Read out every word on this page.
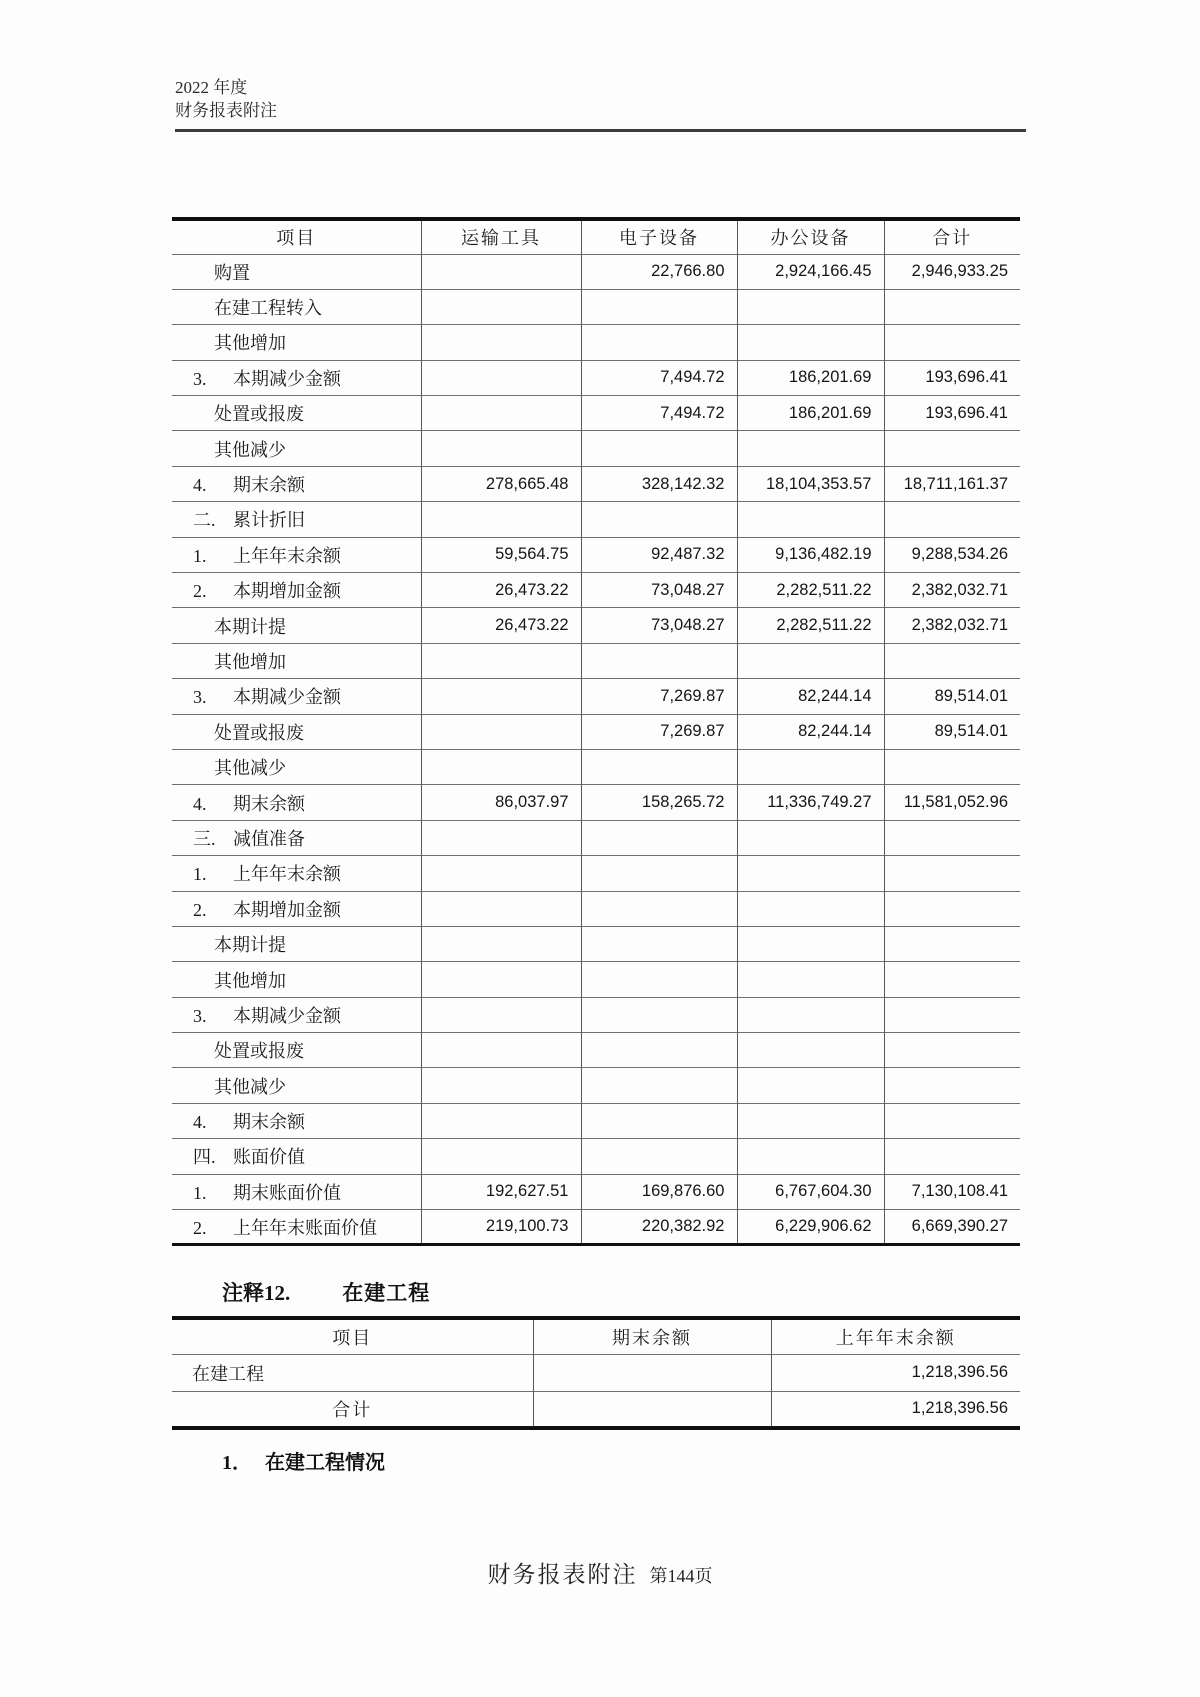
2022 年度
财务报表附注
项目	运输工具	电子设备	办公设备	合计
购置		22,766.80	2,924,166.45	2,946,933.25
在建工程转入				
其他增加				
3. 本期减少金额		7,494.72	186,201.69	193,696.41
处置或报废		7,494.72	186,201.69	193,696.41
其他减少				
4. 期末余额	278,665.48	328,142.32	18,104,353.57	18,711,161.37
二. 累计折旧				
1. 上年年末余额	59,564.75	92,487.32	9,136,482.19	9,288,534.26
2. 本期增加金额	26,473.22	73,048.27	2,282,511.22	2,382,032.71
本期计提	26,473.22	73,048.27	2,282,511.22	2,382,032.71
其他增加				
3. 本期减少金额		7,269.87	82,244.14	89,514.01
处置或报废		7,269.87	82,244.14	89,514.01
其他减少				
4. 期末余额	86,037.97	158,265.72	11,336,749.27	11,581,052.96
三. 减值准备				
1. 上年年末余额				
2. 本期增加金额				
本期计提				
其他增加				
3. 本期减少金额				
处置或报废				
其他减少				
4. 期末余额				
四. 账面价值				
1. 期末账面价值	192,627.51	169,876.60	6,767,604.30	7,130,108.41
2. 上年年末账面价值	219,100.73	220,382.92	6,229,906.62	6,669,390.27
注释12. 在建工程
项目	期末余额	上年年末余额
在建工程		1,218,396.56
合计		1,218,396.56
1． 在建工程情况
财务报表附注 第144页
